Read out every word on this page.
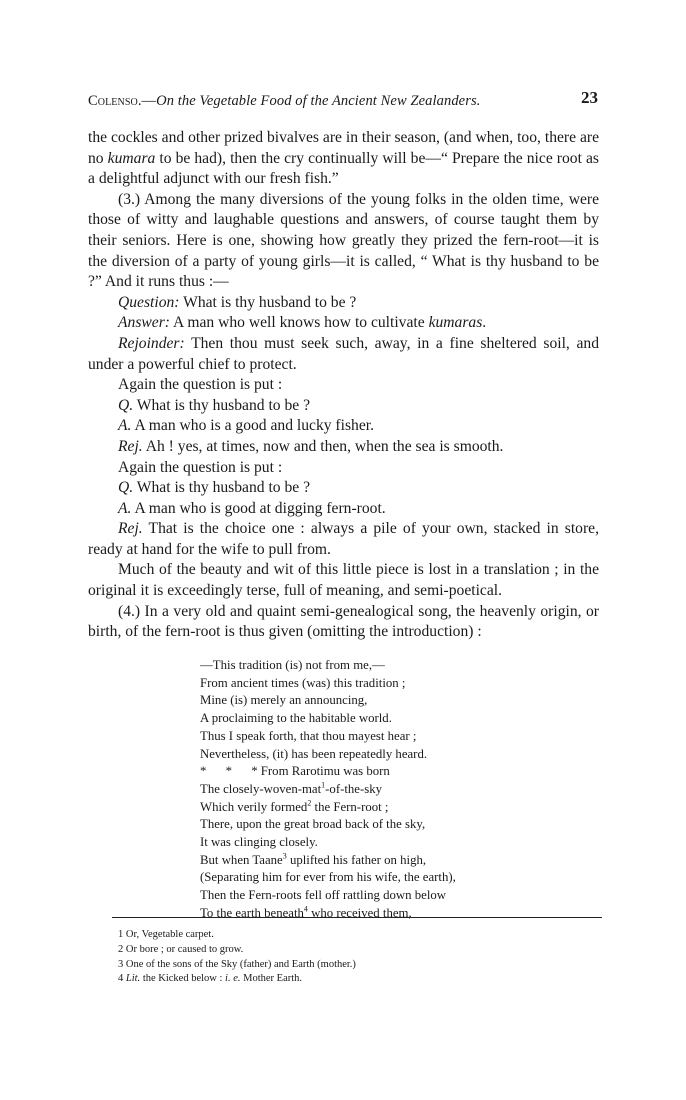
Colenso.—On the Vegetable Food of the Ancient New Zealanders.	23

the cockles and other prized bivalves are in their season, (and when, too, there are no kumara to be had), then the cry continually will be—“ Prepare the nice root as a delightful adjunct with our fresh fish.”

(3.) Among the many diversions of the young folks in the olden time, were those of witty and laughable questions and answers, of course taught them by their seniors. Here is one, showing how greatly they prized the fern-root—it is the diversion of a party of young girls—it is called, “ What is thy husband to be ?” And it runs thus :—

Question: What is thy husband to be ?

Answer: A man who well knows how to cultivate kumaras.

Rejoinder: Then thou must seek such, away, in a fine sheltered soil, and under a powerful chief to protect.

Again the question is put :

Q. What is thy husband to be ?

A. A man who is a good and lucky fisher.

Rej. Ah ! yes, at times, now and then, when the sea is smooth.

Again the question is put :

Q. What is thy husband to be ?

A. A man who is good at digging fern-root.

Rej. That is the choice one : always a pile of your own, stacked in store, ready at hand for the wife to pull from.

Much of the beauty and wit of this little piece is lost in a translation ; in the original it is exceedingly terse, full of meaning, and semi-poetical.

(4.) In a very old and quaint semi-genealogical song, the heavenly origin, or birth, of the fern-root is thus given (omitting the introduction) :

—This tradition (is) not from me,—
From ancient times (was) this tradition ;
Mine (is) merely an announcing,
A proclaiming to the habitable world.
Thus I speak forth, that thou mayest hear ;
Nevertheless, (it) has been repeatedly heard.
*      *      * From Rarotimu was born
The closely-woven-mat$^1$-of-the-sky
Which verily formed$^2$ the Fern-root ;
There, upon the great broad back of the sky,
It was clinging closely.
But when Taane$^3$ uplifted his father on high,
(Separating him for ever from his wife, the earth),
Then the Fern-roots fell off rattling down below
To the earth beneath$^4$ who received them,
1 Or, Vegetable carpet.
2 Or bore ; or caused to grow.
3 One of the sons of the Sky (father) and Earth (mother.)
4 Lit. the Kicked below : i. e. Mother Earth.
